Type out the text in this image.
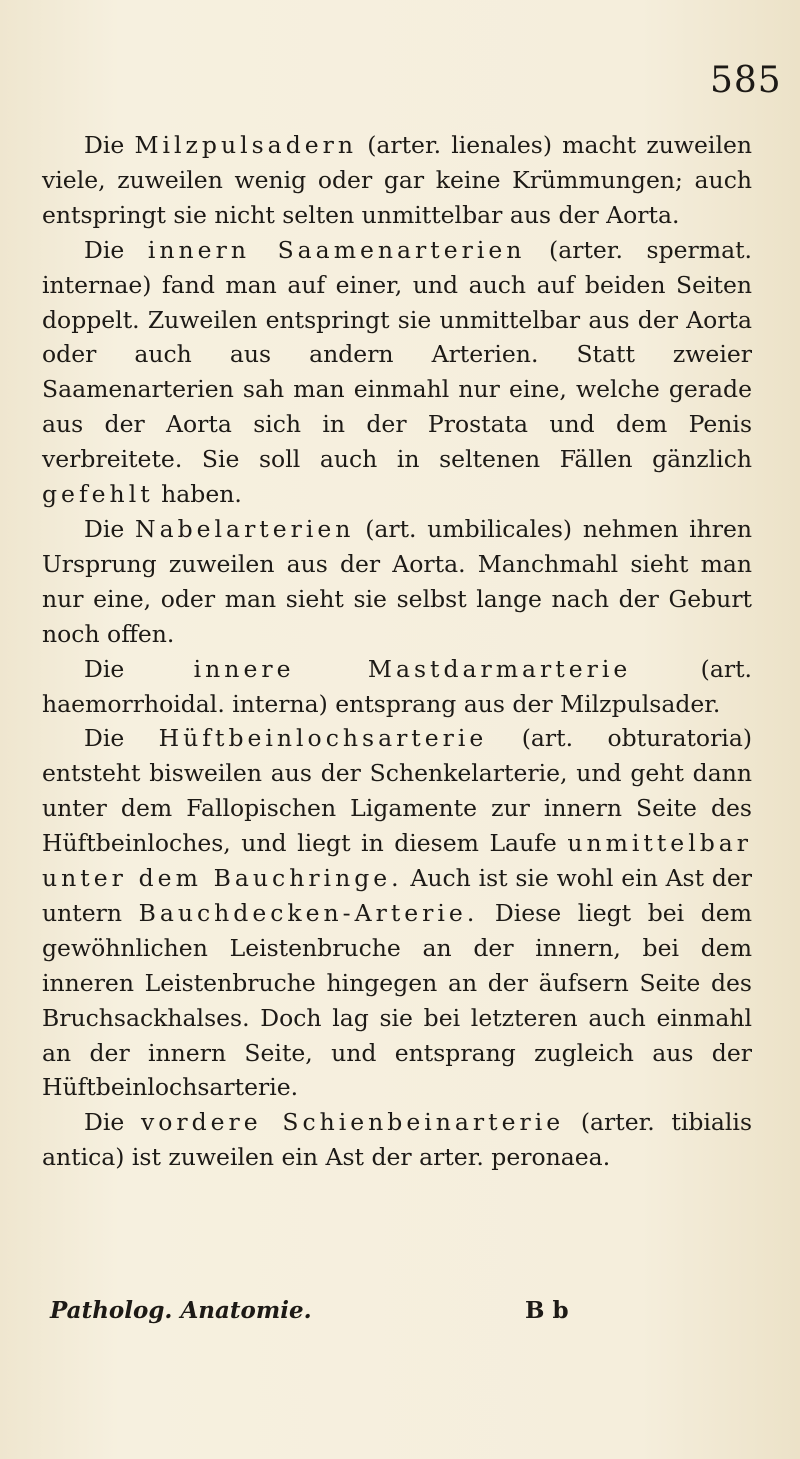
585

Die Milzpulsadern (arter. lienales) macht zuweilen viele, zuweilen wenig oder gar keine Krümmungen; auch entspringt sie nicht selten unmittelbar aus der Aorta.

Die innern Saamenarterien (arter. spermat. internae) fand man auf einer, und auch auf beiden Seiten doppelt. Zuweilen entspringt sie unmittelbar aus der Aorta oder auch aus andern Arterien. Statt zweier Saamenarterien sah man einmahl nur eine, welche gerade aus der Aorta sich in der Prostata und dem Penis verbreitete. Sie soll auch in seltenen Fällen gänzlich gefehlt haben.

Die Nabelarterien (art. umbilicales) nehmen ihren Ursprung zuweilen aus der Aorta. Manchmahl sieht man nur eine, oder man sieht sie selbst lange nach der Geburt noch offen.

Die innere Mastdarmarterie (art. haemorrhoidal. interna) entsprang aus der Milzpulsader.

Die Hüftbeinlochsarterie (art. obturatoria) entsteht bisweilen aus der Schenkelarterie, und geht dann unter dem Fallopischen Ligamente zur innern Seite des Hüftbeinloches, und liegt in diesem Laufe unmittelbar unter dem Bauchringe. Auch ist sie wohl ein Ast der untern Bauchdecken-Arterie. Diese liegt bei dem gewöhnlichen Leistenbruche an der innern, bei dem inneren Leistenbruche hingegen an der äufsern Seite des Bruchsackhalses. Doch lag sie bei letzteren auch einmahl an der innern Seite, und entsprang zugleich aus der Hüftbeinlochsarterie.

Die vordere Schienbeinarterie (arter. tibialis antica) ist zuweilen ein Ast der arter. peronaea.

Patholog. Anatomie.	B b
